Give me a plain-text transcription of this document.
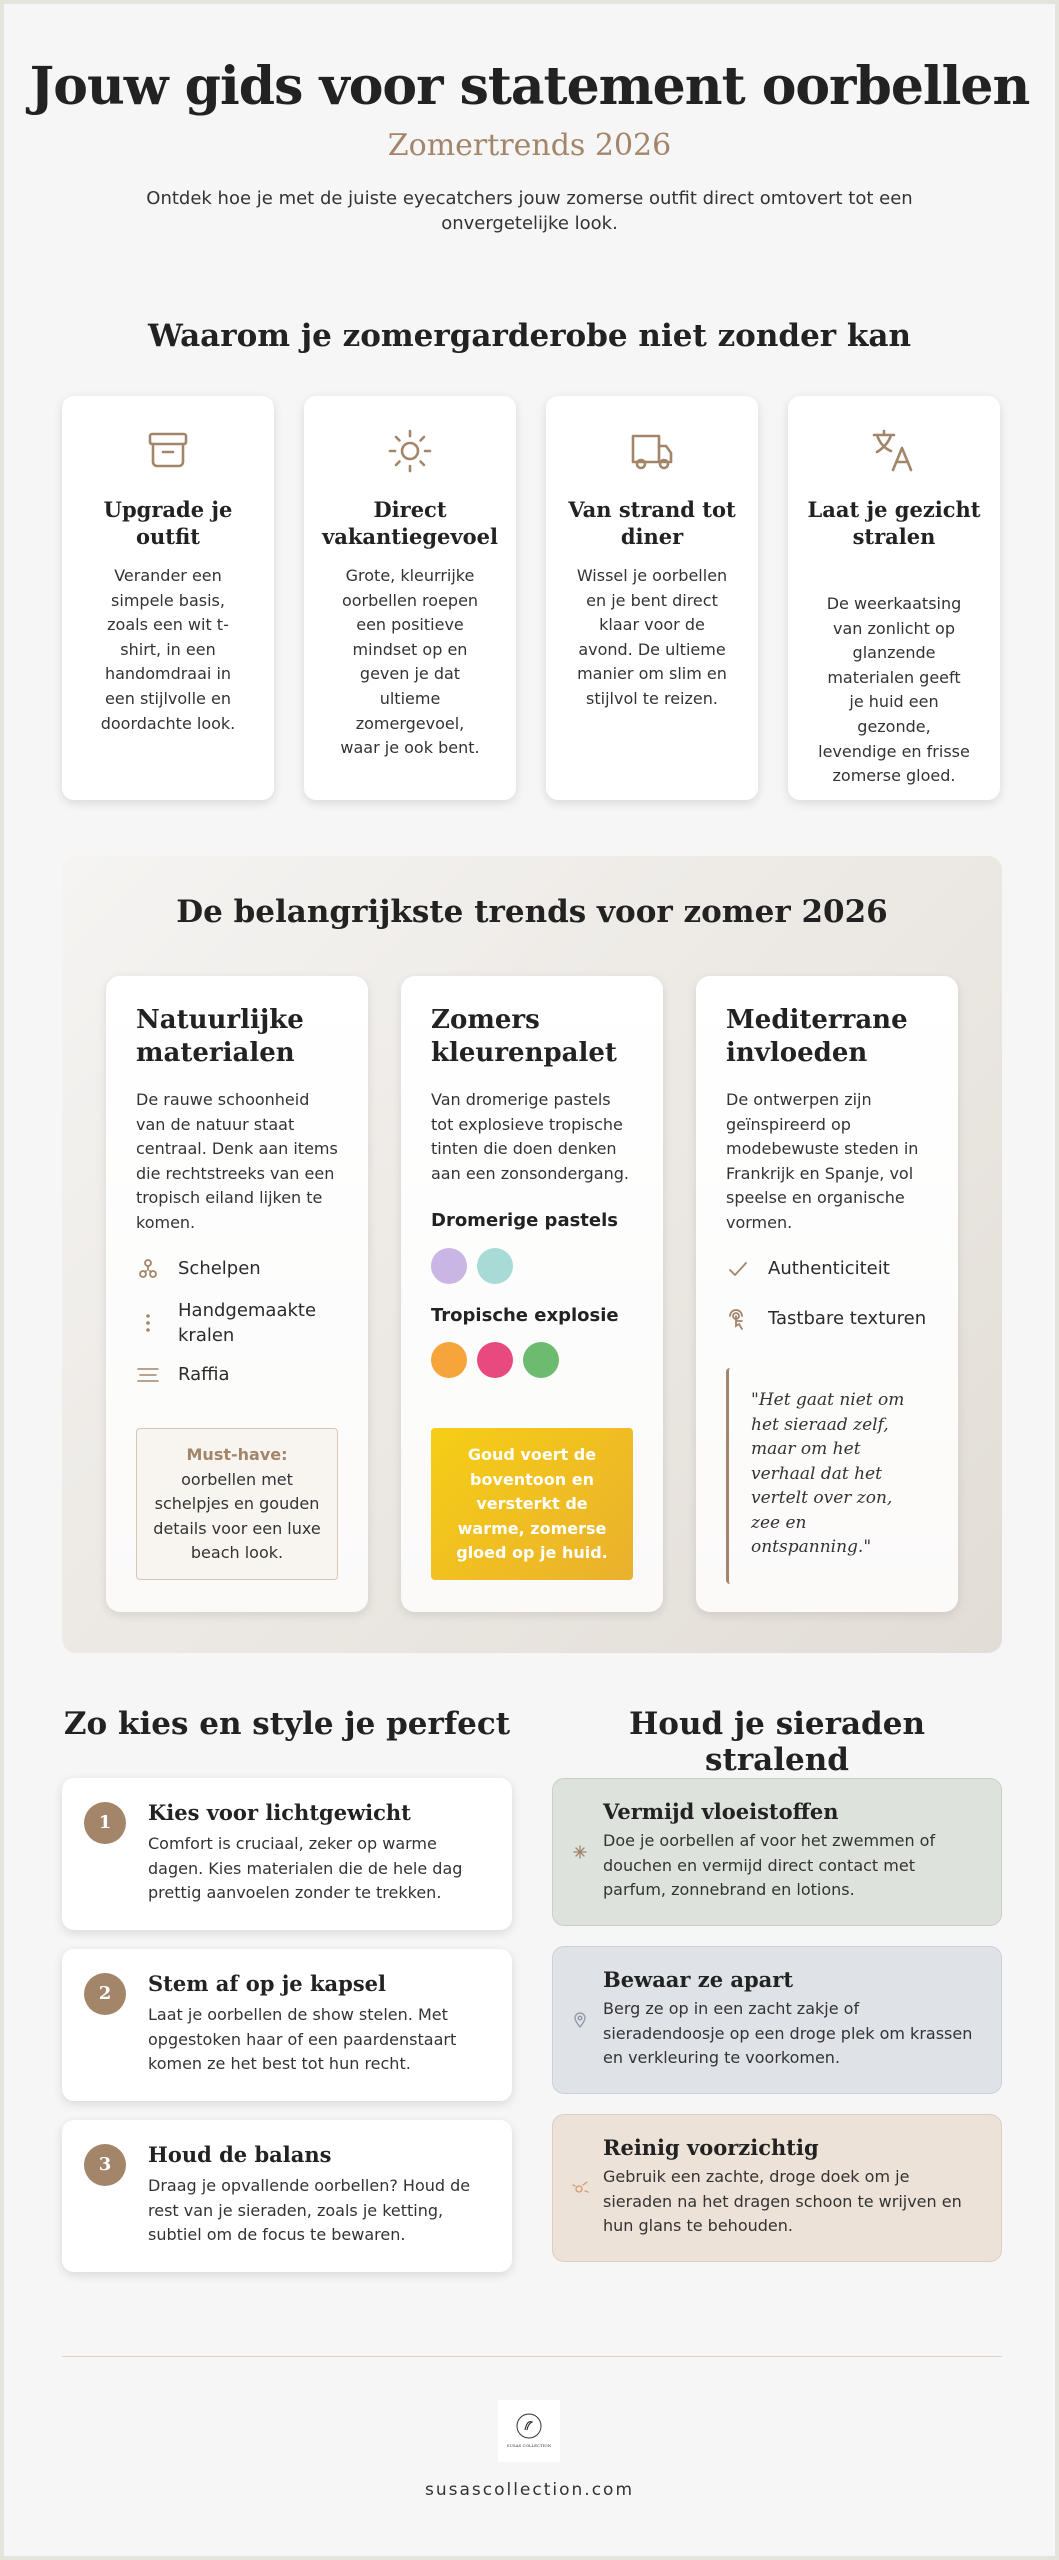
Jouw gids voor statement oorbellen
Zomertrends 2026

Ontdek hoe je met de juiste eyecatchers jouw zomerse outfit direct omtovert tot een onvergetelijke look.

Waarom je zomergarderobe niet zonder kan
Upgrade je outfit

Verander een simpele basis, zoals een wit t-shirt, in een handomdraai in een stijlvolle en doordachte look.

Direct vakantiegevoel

Grote, kleurrijke oorbellen roepen een positieve mindset op en geven je dat ultieme zomergevoel, waar je ook bent.

Van strand tot diner

Wissel je oorbellen en je bent direct klaar voor de avond. De ultieme manier om slim en stijlvol te reizen.

Laat je gezicht stralen

De weerkaatsing van zonlicht op glanzende materialen geeft je huid een gezonde, levendige en frisse zomerse gloed.

De belangrijkste trends voor zomer 2026
Natuurlijke materialen

De rauwe schoonheid van de natuur staat centraal. Denk aan items die rechtstreeks van een tropisch eiland lijken te komen.

Schelpen
Handgemaakte kralen
Raffia
Must-have:
oorbellen met schelpjes en gouden details voor een luxe beach look.
Zomers kleurenpalet

Van dromerige pastels tot explosieve tropische tinten die doen denken aan een zonsondergang.

Dromerige pastels
Tropische explosie
Goud voert de boventoon en versterkt de warme, zomerse gloed op je huid.
Mediterrane invloeden

De ontwerpen zijn geïnspireerd op modebewuste steden in Frankrijk en Spanje, vol speelse en organische vormen.

Authenticiteit
Tastbare texturen
"Het gaat niet om het sieraad zelf, maar om het verhaal dat het vertelt over zon, zee en ontspanning."
Zo kies en style je perfect
1	Kies voor lichtgewicht

Comfort is cruciaal, zeker op warme dagen. Kies materialen die de hele dag prettig aanvoelen zonder te trekken.

2	Stem af op je kapsel

Laat je oorbellen de show stelen. Met opgestoken haar of een paardenstaart komen ze het best tot hun recht.

3	Houd de balans

Draag je opvallende oorbellen? Houd de rest van je sieraden, zoals je ketting, subtiel om de focus te bewaren.

Houd je sieraden stralend
Vermijd vloeistoffen

Doe je oorbellen af voor het zwemmen of douchen en vermijd direct contact met parfum, zonnebrand en lotions.

Bewaar ze apart

Berg ze op in een zacht zakje of sieradendoosje op een droge plek om krassen en verkleuring te voorkomen.

Reinig voorzichtig

Gebruik een zachte, droge doek om je sieraden na het dragen schoon te wrijven en hun glans te behouden.

SUSAS COLLECTION
susascollection.com
